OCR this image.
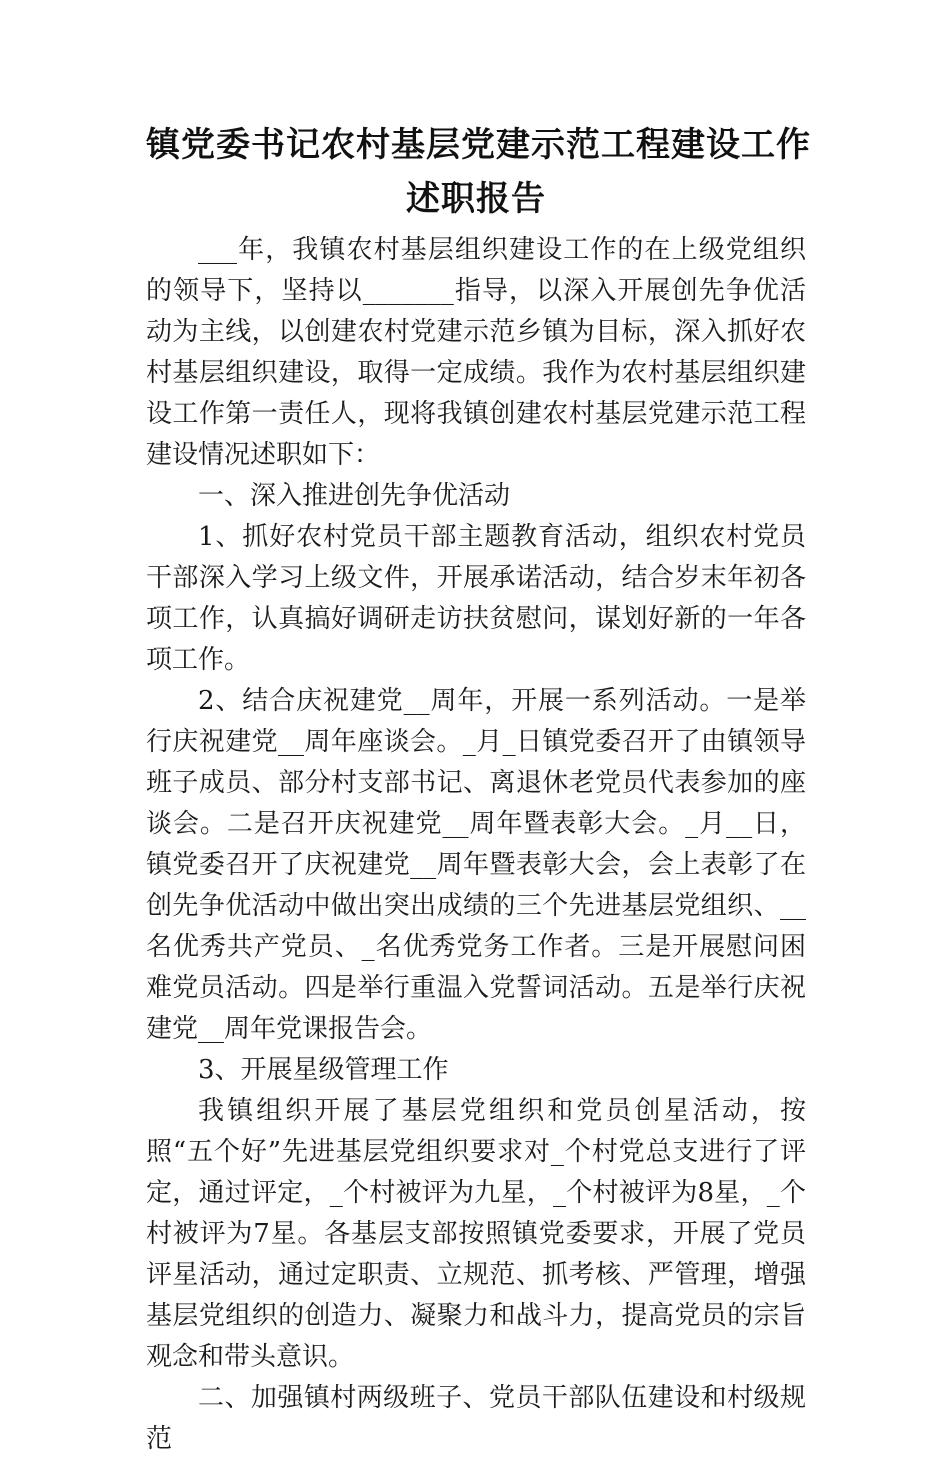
镇党委书记农村基层党建示范工程建设工作
述职报告

___年，我镇农村基层组织建设工作的在上级党组织的领导下，坚持以_______指导，以深入开展创先争优活动为主线，以创建农村党建示范乡镇为目标，深入抓好农村基层组织建设，取得一定成绩。我作为农村基层组织建设工作第一责任人，现将我镇创建农村基层党建示范工程建设情况述职如下：

一、深入推进创先争优活动

1、抓好农村党员干部主题教育活动，组织农村党员干部深入学习上级文件，开展承诺活动，结合岁末年初各项工作，认真搞好调研走访扶贫慰问，谋划好新的一年各项工作。

2、结合庆祝建党__周年，开展一系列活动。一是举行庆祝建党__周年座谈会。_月_日镇党委召开了由镇领导班子成员、部分村支部书记、离退休老党员代表参加的座谈会。二是召开庆祝建党__周年暨表彰大会。_月__日，镇党委召开了庆祝建党__周年暨表彰大会，会上表彰了在创先争优活动中做出突出成绩的三个先进基层党组织、__名优秀共产党员、_名优秀党务工作者。三是开展慰问困难党员活动。四是举行重温入党誓词活动。五是举行庆祝建党__周年党课报告会。

3、开展星级管理工作

我镇组织开展了基层党组织和党员创星活动，按照“五个好”先进基层党组织要求对_个村党总支进行了评定，通过评定，_个村被评为九星，_个村被评为8星，_个村被评为7星。各基层支部按照镇党委要求，开展了党员评星活动，通过定职责、立规范、抓考核、严管理，增强基层党组织的创造力、凝聚力和战斗力，提高党员的宗旨观念和带头意识。

二、加强镇村两级班子、党员干部队伍建设和村级规范
